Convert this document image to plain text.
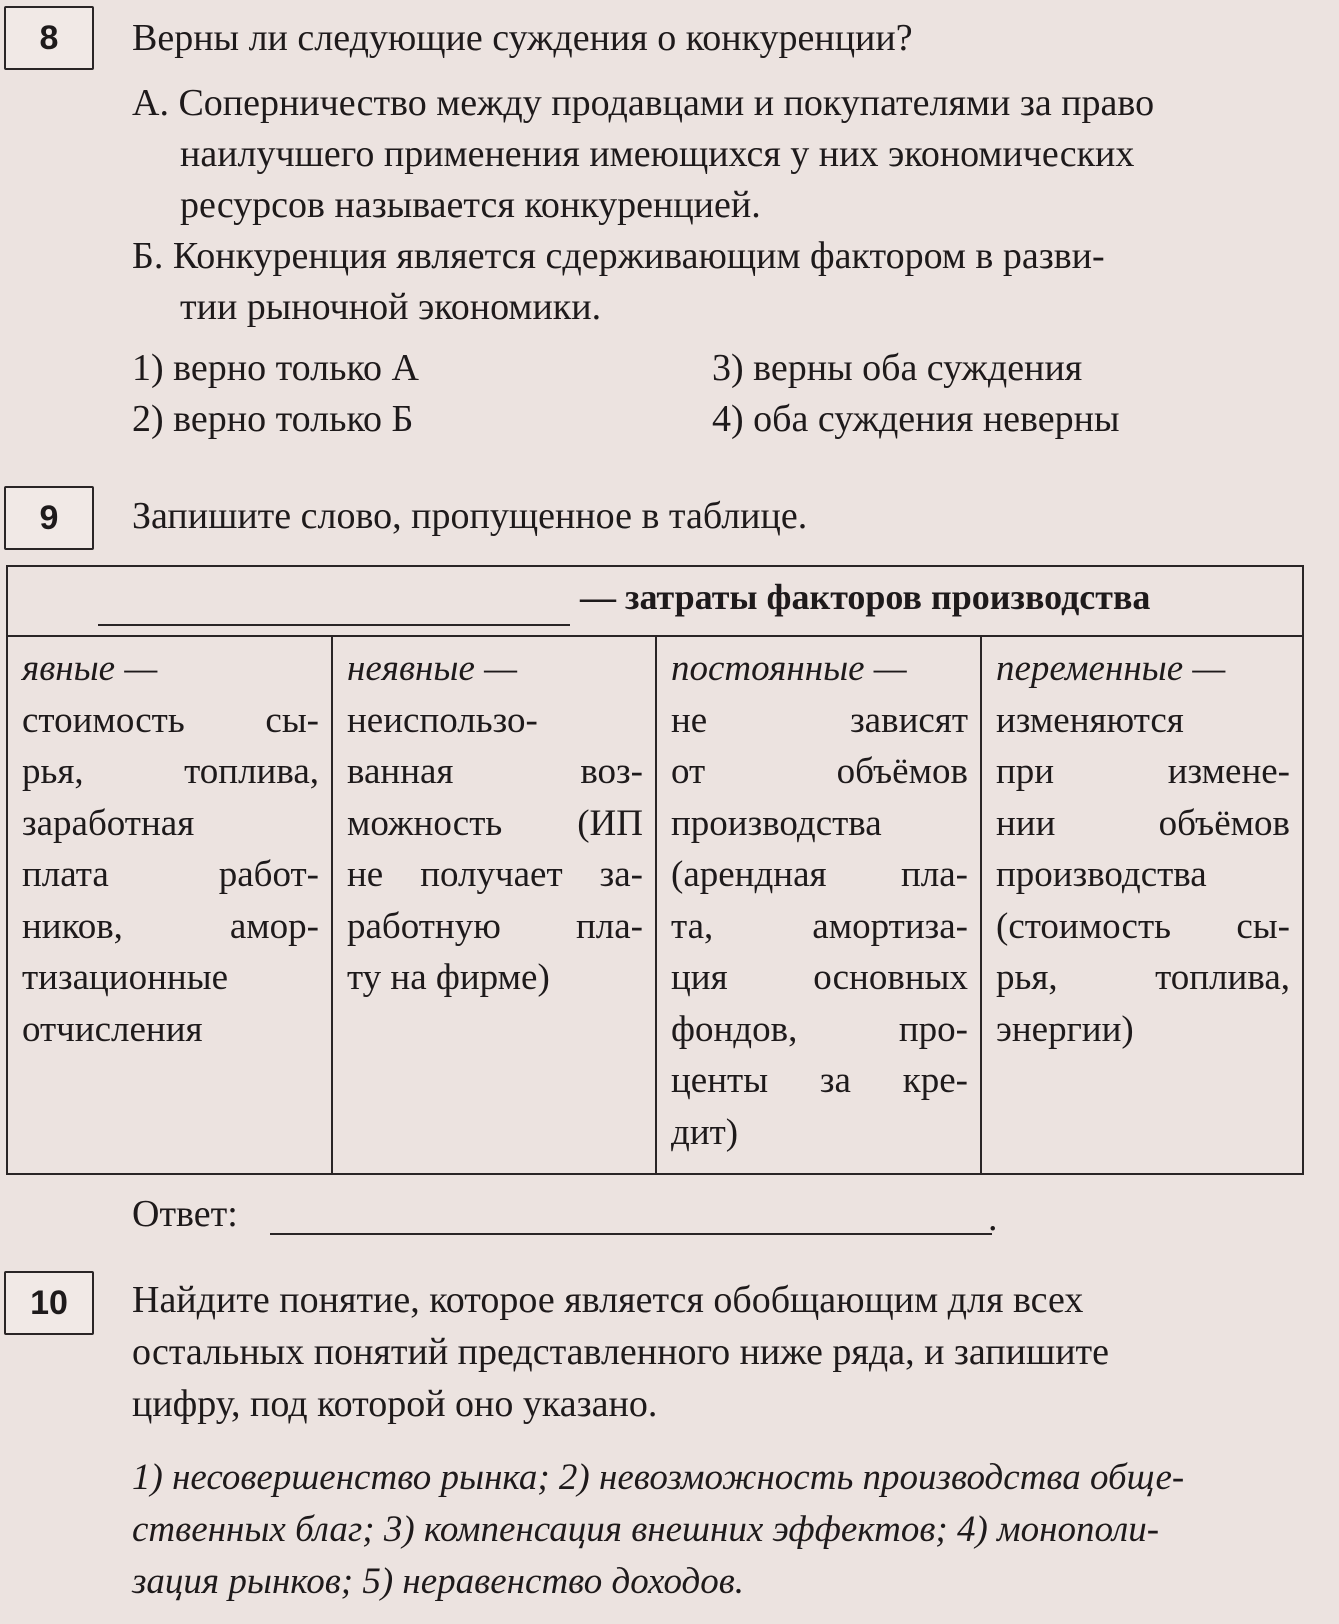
8	Верны ли следующие суждения о конкуренции?
А. Соперничество между продавцами и покупателями за право
наилучшего применения имеющихся у них экономических
ресурсов называется конкуренцией.
Б. Конкуренция является сдерживающим фактором в разви-
тии рыночной экономики.
1) верно только А
2) верно только Б
3) верны оба суждения
4) оба суждения неверны
9	Запишите слово, пропущенное в таблице.
— затраты факторов производства
явные —
стоимость сы-
рья, топлива,
заработная
плата работ-
ников, амор-
тизационные
отчисления
неявные —
неиспользо-
ванная воз-
можность (ИП
не получает за-
работную пла-
ту на фирме)
постоянные —
не зависят
от объёмов
производства
(арендная пла-
та, амортиза-
ция основных
фондов, про-
центы за кре-
дит)
переменные —
изменяются
при измене-
нии объёмов
производства
(стоимость сы-
рья, топлива,
энергии)
Ответ:	.
10	Найдите понятие, которое является обобщающим для всех
остальных понятий представленного ниже ряда, и запишите
цифру, под которой оно указано.
1) несовершенство рынка; 2) невозможность производства обще-
ственных благ; 3) компенсация внешних эффектов; 4) монополи-
зация рынков; 5) неравенство доходов.
